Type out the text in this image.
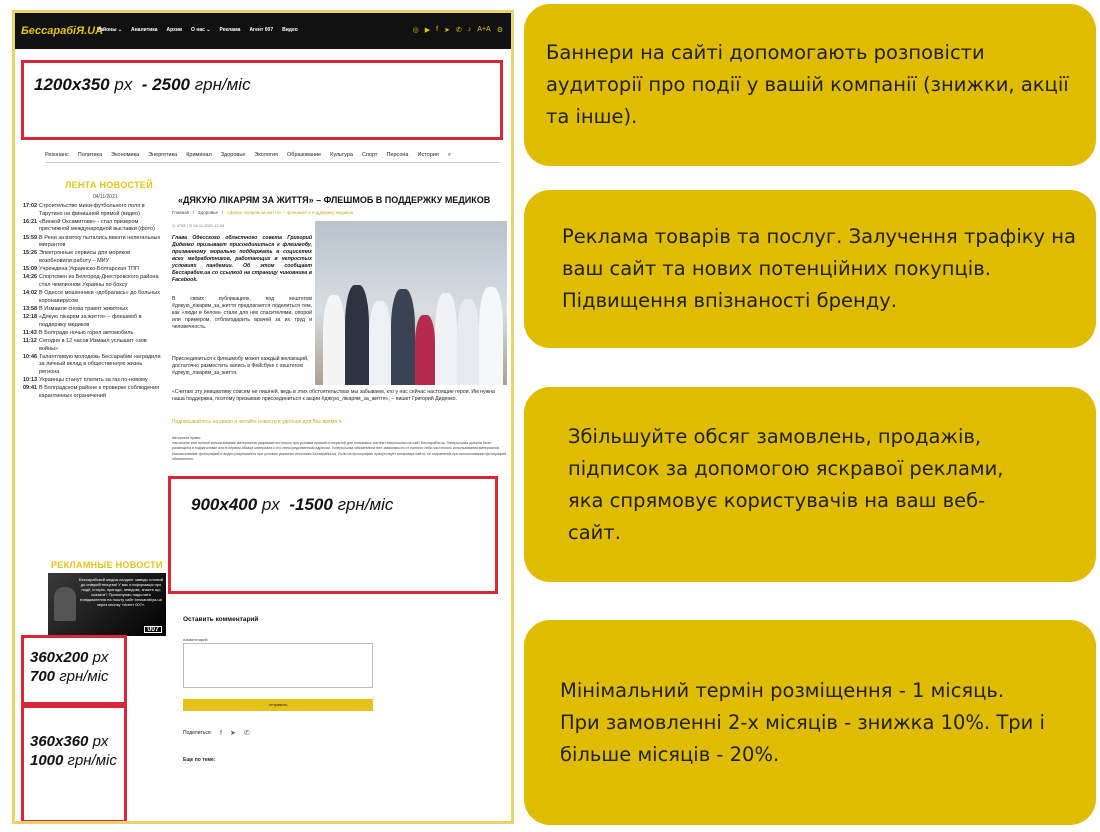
БессарабіЯ.UA
Районы ⌄ Аналитика Архив О нас ⌄ Реклама Агент 007 Видео	◎ ▶ f ➤ ✆ ♪ A+A ⚙
1200x350 px - 2500 грн/міс
Резонанс Политика Экономика Энергетика Криминал Здоровье Экология Образование Культура Спорт Персона История ⌕
ЛЕНТА НОВОСТЕЙ
04/11/2021
17:02 Строительство мини-футбольного поля в Тарутино на финишной прямой (видео)
16:21 «Винкой Оксамитове» - стал призером престижной международной выставки (фото)
15:59 В Рени за взятку пытались ввезти нелегальных мигрантов
15:26 Электронные сервисы для моряков возобновили работу – МИУ
15:09 Учреждена Украинско-Болгарская ТПП
14:26 Спортсмен из Белгород-Днестровского района стал чемпионом Украины по боксу
14:02 В Одессе мошенники «добрались» до больных коронавирусом
13:58 В Измаиле снова травят животных
12:18 «Дякую лікарям за життя» – флешмоб в поддержку медиков
11:43 В Болграде ночью горел автомобиль
11:12 Сегодня в 12 часов Измаил услышит «зов войны»
10:46 Талантливую молодежь Бессарабии наградили за личный вклад в общественную жизнь региона
10:13 Украинцы станут платить за газ по-новому
09:41 В Болградском районе к проверке соблюдения карантинных ограничений
РЕКЛАМНЫЕ НОВОСТИ
Бессарабский медиа-холдинг заведи готовий до співробітництва! У вас є інформація про події, історія, пригоди, невідомі, знаєте що сказати? Пропонуємо надіслати повідомлення на пошту сайт bessarabiya.ua через кнопку «Агент 007».
007
360x200 px
700 грн/міс
360x360 px
1000 грн/міс
«ДЯКУЮ ЛІКАРЯМ ЗА ЖИТТЯ» – ФЛЕШМОБ В ПОДДЕРЖКУ МЕДИКОВ
Главная   /   Здоровье   /   «Дякую лікарям за життя» – флешмоб в поддержку медиков
◷ 4755 | ◷ 04.11.2021 12:18
Глава Одесского областного совета Григорий Диденко призывает присоединиться к флешмобу, призванному морально поддержать в социсетях всех медработников, работающих в непростых условиях пандемии. Об этом сообщает Бессарабия.ua со ссылкой на страницу чиновника в Facebook.
В своих публикациях, под хештегом #дякую_лікарям_за_життя предлагается поделиться тем, как «люди в белом» стали для них спасителями, опорой или примером, отблагодарить врачей за их труд и человечность.
Присоединиться к флешмобу может каждый желающий, достаточно разместить запись в Фейсбуке с хештегом #дякую_лікарям_за_життя.
«Считаю эту инициативу совсем не лишней, ведь в этих обстоятельствах мы забываем, кто у нас сейчас настоящие герои. Им нужна наша поддержка, поэтому призываю присоединиться к акции #дякую_лікарям_за_життя», – пишет Григорий Диденко.
Подписывайтесь на канал и читайте новости в удобное для Вас время ✎
Авторское право:
Частичное или полное использование материалов разрешается только при условии прямой и открытой для поисковых систем гиперссылки на сайт Бессарабія.ua. Гиперссылка должна быть размещена в подзаголовке или в первом абзаце материала с его непосредственным адресом. Гиперссылка обязательна вне зависимости от полного либо частичного использования материалов. Использование фотографий и видео разрешается при условии указания источника Бессарабія.ua. Если на фотографии присутствует вотермарк сайта, ее сохранение при использовании фотографий обязательно.
900x400 px -1500 грн/міс
Оставить комментарий
комментарий
отправить
Поделиться: f ➤ ✆
Еще по теме:

Баннери на сайті допомогають розповісти аудиторії про події у вашій компанії (знижки, акції та інше).

Реклама товарів та послуг. Залучення трафіку на ваш сайт та нових потенційних покупців. Підвищення впізнаності бренду.

Збільшуйте обсяг замовлень, продажів, підписок за допомогою яскравої реклами, яка спрямовує користувачів на ваш веб-сайт.

Мінімальний термін розміщення - 1 місяць. При замовленні 2-х місяців - знижка 10%. Три і більше місяців - 20%.
